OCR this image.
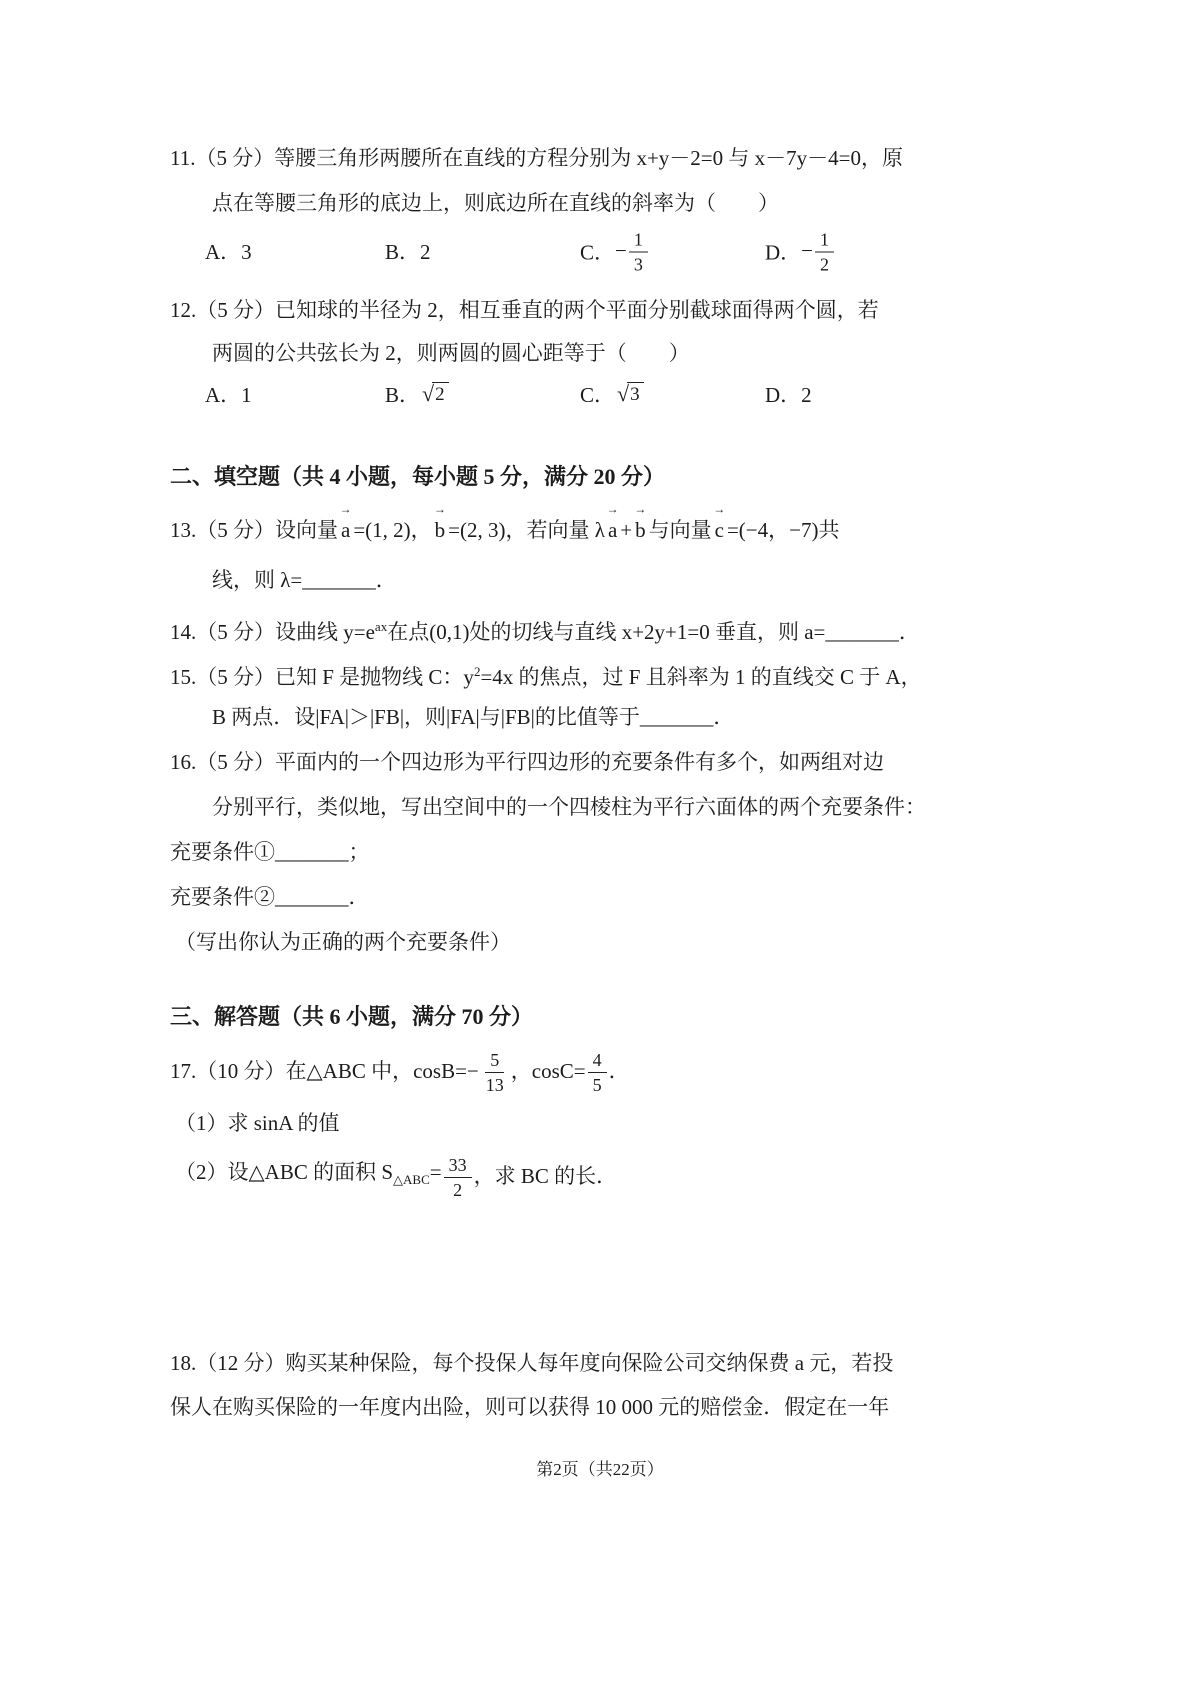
11.（5 分）等腰三角形两腰所在直线的方程分别为 x+y－2=0 与 x－7y－4=0，原
点在等腰三角形的底边上，则底边所在直线的斜率为（　　）
A．3	B．2	C． − $\frac{1}{3}$	D． − $\frac{1}{2}$
12.（5 分）已知球的半径为 2，相互垂直的两个平面分别截球面得两个圆，若
两圆的公共弦长为 2，则两圆的圆心距等于（　　）
A．1	B． √ 2	C． √ 3	D．2
二、填空题（共 4 小题，每小题 5 分，满分 20 分）
13.（5 分）设向量
→
a =(1, 2)，
→
b =(2, 3)，若向量 λ
→
a +
→
b 与向量
→
c =(−4，−7)共
线，则 λ=_______．
14.（5 分）设曲线 $y=e^{ax}$在点(0,1)处的切线与直线 x+2y+1=0 垂直，则 a=_______．
15.（5 分）已知 F 是抛物线 C：$y^2=4x$ 的焦点，过 F 且斜率为 1 的直线交 C 于 A，
B 两点．设|FA|＞|FB|，则|FA|与|FB|的比值等于_______．
16.（5 分）平面内的一个四边形为平行四边形的充要条件有多个，如两组对边
分别平行，类似地，写出空间中的一个四棱柱为平行六面体的两个充要条件：
充要条件①_______；
充要条件②_______．
（写出你认为正确的两个充要条件）
三、解答题（共 6 小题，满分 70 分）
17.（10 分）在△ABC 中，$\cos B=- \frac{5}{13}$ ，$\cos C= \frac{4}{5}$ ．
（1）求 sinA 的值
（2）设△ABC 的面积 $S_{\triangle ABC}= \frac{33}{2}$ ，求 BC 的长．
18.（12 分）购买某种保险，每个投保人每年度向保险公司交纳保费 a 元，若投
保人在购买保险的一年度内出险，则可以获得 10 000 元的赔偿金．假定在一年
第2页（共22页）
